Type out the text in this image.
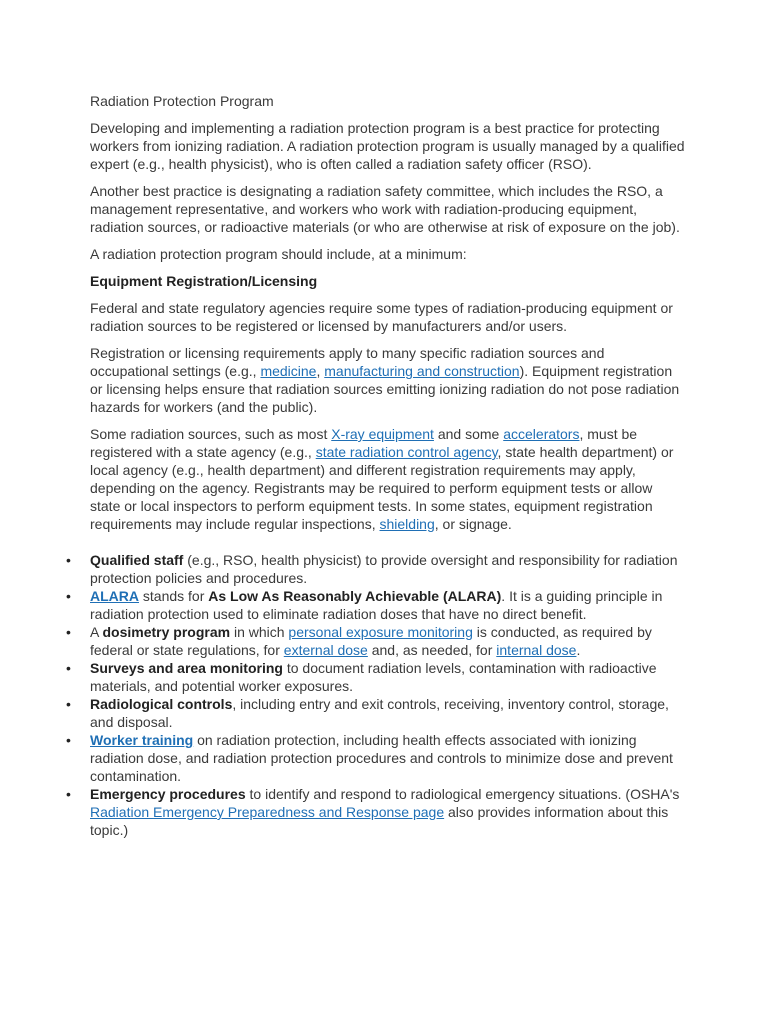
Radiation Protection Program

Developing and implementing a radiation protection program is a best practice for protecting workers from ionizing radiation. A radiation protection program is usually managed by a qualified expert (e.g., health physicist), who is often called a radiation safety officer (RSO).

Another best practice is designating a radiation safety committee, which includes the RSO, a management representative, and workers who work with radiation-producing equipment, radiation sources, or radioactive materials (or who are otherwise at risk of exposure on the job).

A radiation protection program should include, at a minimum:

Equipment Registration/Licensing

Federal and state regulatory agencies require some types of radiation-producing equipment or radiation sources to be registered or licensed by manufacturers and/or users.

Registration or licensing requirements apply to many specific radiation sources and occupational settings (e.g., medicine, manufacturing and construction). Equipment registration or licensing helps ensure that radiation sources emitting ionizing radiation do not pose radiation hazards for workers (and the public).

Some radiation sources, such as most X-ray equipment and some accelerators, must be registered with a state agency (e.g., state radiation control agency, state health department) or local agency (e.g., health department) and different registration requirements may apply, depending on the agency. Registrants may be required to perform equipment tests or allow state or local inspectors to perform equipment tests. In some states, equipment registration requirements may include regular inspections, shielding, or signage.

• Qualified staff (e.g., RSO, health physicist) to provide oversight and responsibility for radiation protection policies and procedures.
• ALARA stands for As Low As Reasonably Achievable (ALARA). It is a guiding principle in radiation protection used to eliminate radiation doses that have no direct benefit.
• A dosimetry program in which personal exposure monitoring is conducted, as required by federal or state regulations, for external dose and, as needed, for internal dose.
• Surveys and area monitoring to document radiation levels, contamination with radioactive materials, and potential worker exposures.
• Radiological controls, including entry and exit controls, receiving, inventory control, storage, and disposal.
• Worker training on radiation protection, including health effects associated with ionizing radiation dose, and radiation protection procedures and controls to minimize dose and prevent contamination.
• Emergency procedures to identify and respond to radiological emergency situations. (OSHA's Radiation Emergency Preparedness and Response page also provides information about this topic.)
